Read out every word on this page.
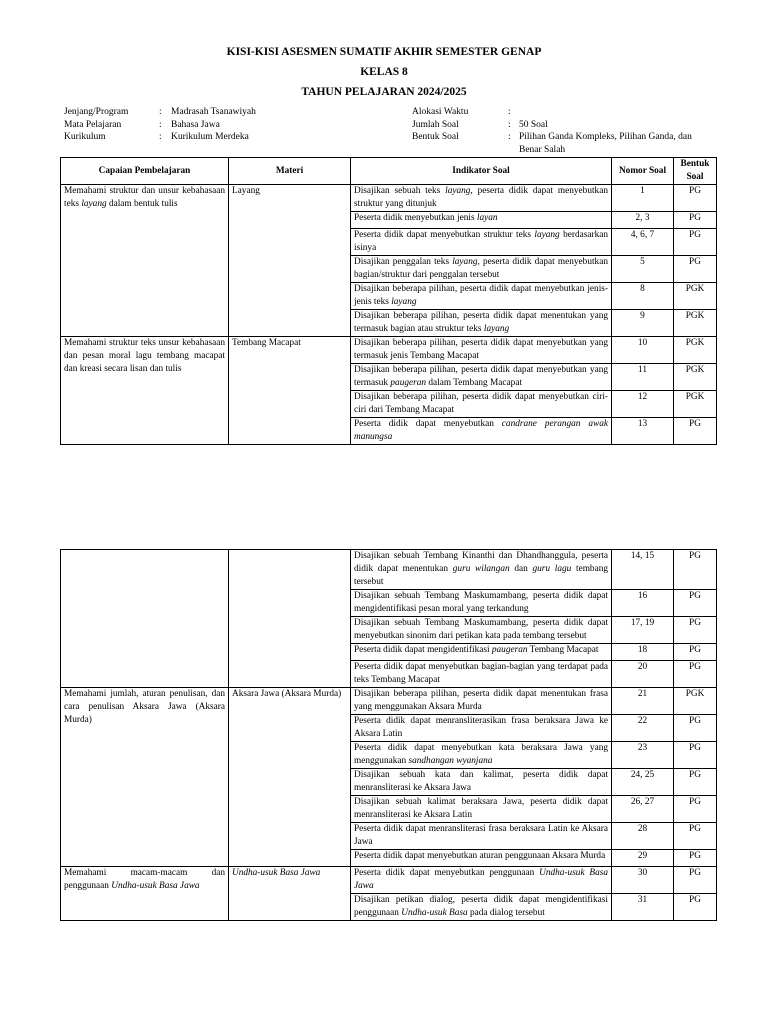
KISI-KISI ASESMEN SUMATIF AKHIR SEMESTER GENAP
KELAS 8
TAHUN PELAJARAN 2024/2025
Jenjang/Program	: Madrasah Tsanawiyah
Mata Pelajaran	: Bahasa Jawa
Kurikulum	: Kurikulum Merdeka
Alokasi Waktu	:
Jumlah Soal	: 50 Soal
Bentuk Soal	: Pilihan Ganda Kompleks, Pilihan Ganda, dan Benar Salah
Capaian Pembelajaran	Materi	Indikator Soal	Nomor Soal	Bentuk Soal
Memahami struktur dan unsur kebahasaan teks layang dalam bentuk tulis	Layang	Disajikan sebuah teks layang, peserta didik dapat menyebutkan struktur yang ditunjuk	1	PG
		Peserta didik menyebutkan jenis layan	2, 3	PG
		Peserta didik dapat menyebutkan struktur teks layang berdasarkan isinya	4, 6, 7	PG
		Disajikan penggalan teks layang, peserta didik dapat menyebutkan bagian/struktur dari penggalan tersebut	5	PG
		Disajikan beberapa pilihan, peserta didik dapat menyebutkan jenis-jenis teks layang	8	PGK
		Disajikan beberapa pilihan, peserta didik dapat menentukan yang termasuk bagian atau struktur teks layang	9	PGK
Memahami struktur teks unsur kebahasaan dan pesan moral lagu tembang macapat dan kreasi secara lisan dan tulis	Tembang Macapat	Disajikan beberapa pilihan, peserta didik dapat menyebutkan yang termasuk jenis Tembang Macapat	10	PGK
		Disajikan beberapa pilihan, peserta didik dapat menyebutkan yang termasuk paugeran dalam Tembang Macapat	11	PGK
		Disajikan beberapa pilihan, peserta didik dapat menyebutkan ciri-ciri dari Tembang Macapat	12	PGK
		Peserta didik dapat menyebutkan candrane perangan awak manungsa	13	PG
		Disajikan sebuah Tembang Kinanthi dan Dhandhanggula, peserta didik dapat menentukan guru wilangan dan guru lagu tembang tersebut	14, 15	PG
		Disajikan sebuah Tembang Maskumambang, peserta didik dapat mengidentifikasi pesan moral yang terkandung	16	PG
		Disajikan sebuah Tembang Maskumambang, peserta didik dapat menyebutkan sinonim dari petikan kata pada tembang tersebut	17, 19	PG
		Peserta didik dapat mengidentifikasi paugeran Tembang Macapat	18	PG
		Peserta didik dapat menyebutkan bagian-bagian yang terdapat pada teks Tembang Macapat	20	PG
Memahami jumlah, aturan penulisan, dan cara penulisan Aksara Jawa (Aksara Murda)	Aksara Jawa (Aksara Murda)	Disajikan beberapa pilihan, peserta didik dapat menentukan frasa yang menggunakan Aksara Murda	21	PGK
		Peserta didik dapat menransliterasikan frasa beraksara Jawa ke Aksara Latin	22	PG
		Peserta didik dapat menyebutkan kata beraksara Jawa yang menggunakan sandhangan wyanjana	23	PG
		Disajikan sebuah kata dan kalimat, peserta didik dapat menransliterasi ke Aksara Jawa	24, 25	PG
		Disajikan sebuah kalimat beraksara Jawa, peserta didik dapat menransliterasi ke Aksara Latin	26, 27	PG
		Peserta didik dapat menransliterasi frasa beraksara Latin ke Aksara Jawa	28	PG
		Peserta didik dapat menyebutkan aturan penggunaan Aksara Murda	29	PG
Memahami macam-macam dan penggunaan Undha-usuk Basa Jawa	Undha-usuk Basa Jawa	Peserta didik dapat menyebutkan penggunaan Undha-usuk Basa Jawa	30	PG
		Disajikan petikan dialog, peserta didik dapat mengidentifikasi penggunaan Undha-usuk Basa pada dialog tersebut	31	PG
